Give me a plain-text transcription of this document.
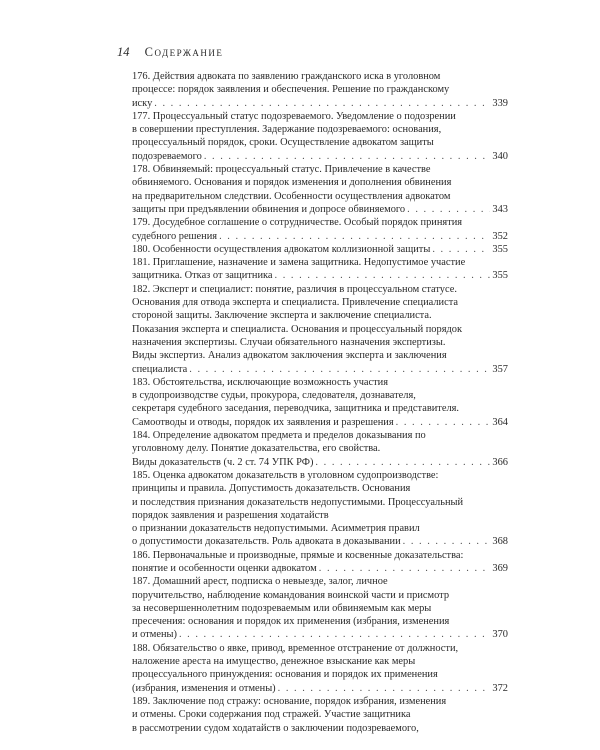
14 Содержание
176. Действия адвоката по заявлению гражданского иска в уголовном
процессе: порядок заявления и обеспечения. Решение по гражданскому
иску . . .	339
177. Процессуальный статус подозреваемого. Уведомление о подозрении
в совершении преступления. Задержание подозреваемого: основания,
процессуальный порядок, сроки. Осуществление адвокатом защиты
подозреваемого . . .	340
178. Обвиняемый: процессуальный статус. Привлечение в качестве
обвиняемого. Основания и порядок изменения и дополнения обвинения
на предварительном следствии. Особенности осуществления адвокатом
защиты при предъявлении обвинения и допросе обвиняемого . . .	343
179. Досудебное соглашение о сотрудничестве. Особый порядок принятия
судебного решения . . .	352
180. Особенности осуществления адвокатом коллизионной защиты . . .	355
181. Приглашение, назначение и замена защитника. Недопустимое участие
защитника. Отказ от защитника . . .	355
182. Эксперт и специалист: понятие, различия в процессуальном статусе.
Основания для отвода эксперта и специалиста. Привлечение специалиста
стороной защиты. Заключение эксперта и заключение специалиста.
Показания эксперта и специалиста. Основания и процессуальный порядок
назначения экспертизы. Случаи обязательного назначения экспертизы.
Виды экспертиз. Анализ адвокатом заключения эксперта и заключения
специалиста . . .	357
183. Обстоятельства, исключающие возможность участия
в судопроизводстве судьи, прокурора, следователя, дознавателя,
секретаря судебного заседания, переводчика, защитника и представителя.
Самоотводы и отводы, порядок их заявления и разрешения . . .	364
184. Определение адвокатом предмета и пределов доказывания по
уголовному делу. Понятие доказательства, его свойства.
Виды доказательств (ч. 2 ст. 74 УПК РФ) . . .	366
185. Оценка адвокатом доказательств в уголовном судопроизводстве:
принципы и правила. Допустимость доказательств. Основания
и последствия признания доказательств недопустимыми. Процессуальный
порядок заявления и разрешения ходатайств
о признании доказательств недопустимыми. Асимметрия правил
о допустимости доказательств. Роль адвоката в доказывании . . .	368
186. Первоначальные и производные, прямые и косвенные доказательства:
понятие и особенности оценки адвокатом . . .	369
187. Домашний арест, подписка о невыезде, залог, личное
поручительство, наблюдение командования воинской части и присмотр
за несовершеннолетним подозреваемым или обвиняемым как меры
пресечения: основания и порядок их применения (избрания, изменения
и отмены) . . .	370
188. Обязательство о явке, привод, временное отстранение от должности,
наложение ареста на имущество, денежное взыскание как меры
процессуального принуждения: основания и порядок их применения
(избрания, изменения и отмены) . . .	372
189. Заключение под стражу: основание, порядок избрания, изменения
и отмены. Сроки содержания под стражей. Участие защитника
в рассмотрении судом ходатайств о заключении подозреваемого,
